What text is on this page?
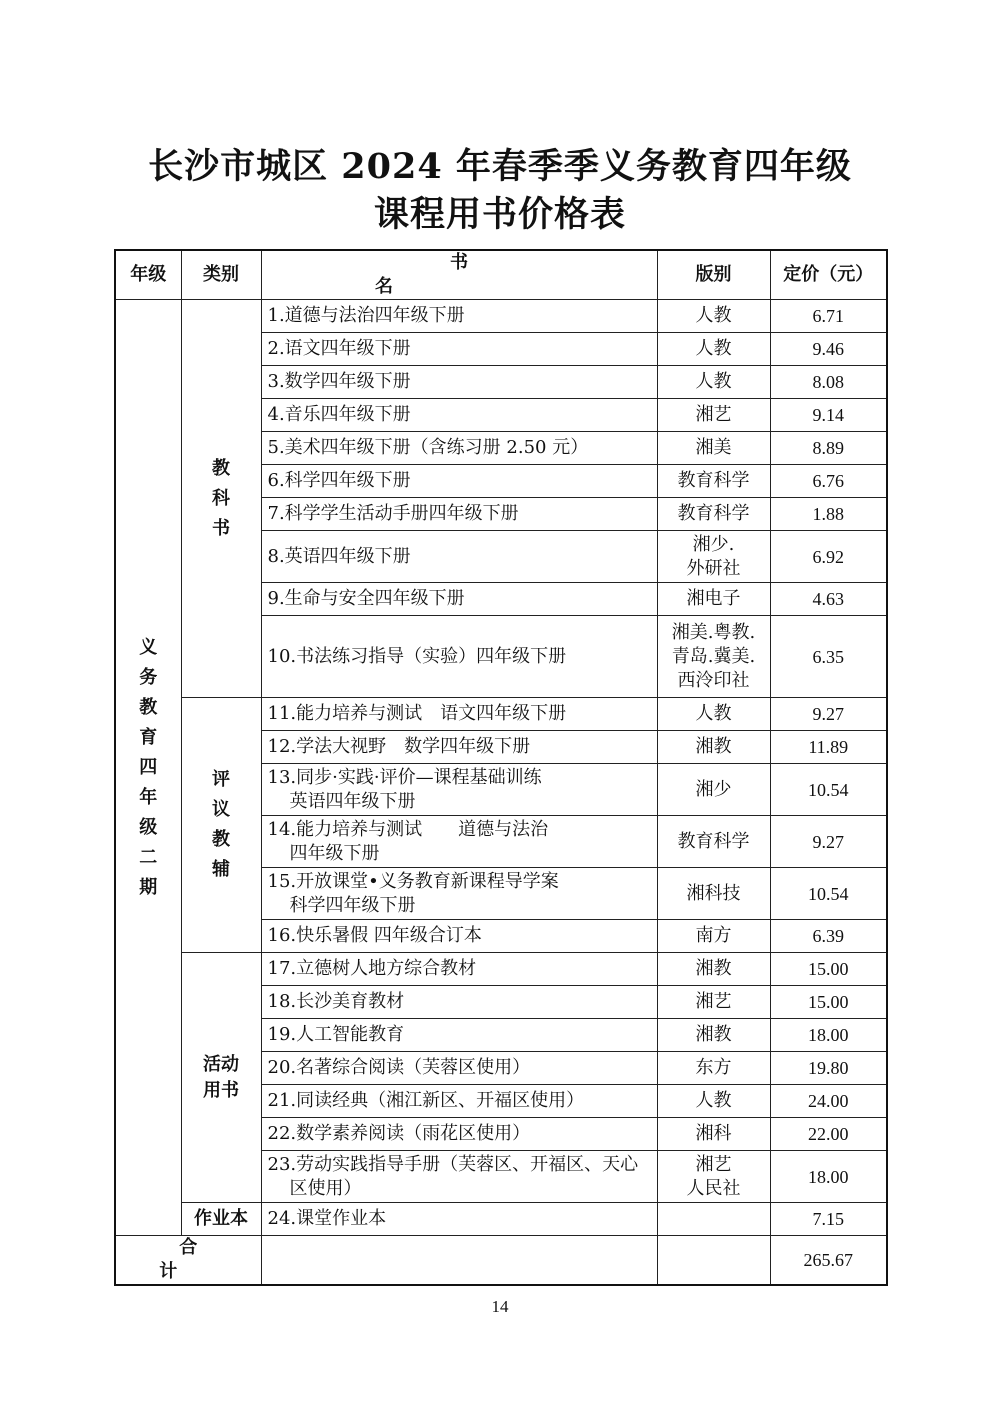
长沙市城区 2024 年春季季义务教育四年级
课程用书价格表
年级	类别	书名	版别	定价（元）
义务教育四年级二期	教科书	1.道德与法治四年级下册	人教	6.71

		2.语文四年级下册	人教	9.46

		3.数学四年级下册	人教	8.08

		4.音乐四年级下册	湘艺	9.14

		5.美术四年级下册（含练习册 2.50 元）	湘美	8.89

		6.科学四年级下册	教育科学	6.76

		7.科学学生活动手册四年级下册	教育科学	1.88

		8.英语四年级下册	湘少.
外研社	6.92

		9.生命与安全四年级下册	湘电子	4.63

		10.书法练习指导（实验）四年级下册	湘美.粤教.
青岛.冀美.
西泠印社	6.35
	评议教辅	11.能力培养与测试　语文四年级下册	人教	9.27

		12.学法大视野　数学四年级下册	湘教	11.89

		13.同步·实践·评价—课程基础训练
英语四年级下册	湘少	10.54

		14.能力培养与测试　　道德与法治
四年级下册	教育科学	9.27

		15.开放课堂•义务教育新课程导学案
科学四年级下册	湘科技	10.54

		16.快乐暑假 四年级合订本	南方	6.39
	活动用书	17.立德树人地方综合教材	湘教	15.00

		18.长沙美育教材	湘艺	15.00

		19.人工智能教育	湘教	18.00

		20.名著综合阅读（芙蓉区使用）	东方	19.80

		21.同读经典（湘江新区、开福区使用）	人教	24.00

		22.数学素养阅读（雨花区使用）	湘科	22.00

		23.劳动实践指导手册（芙蓉区、开福区、天心
区使用）	湘艺
人民社	18.00
	作业本	24.课堂作业本		7.15
合计				265.67
14
